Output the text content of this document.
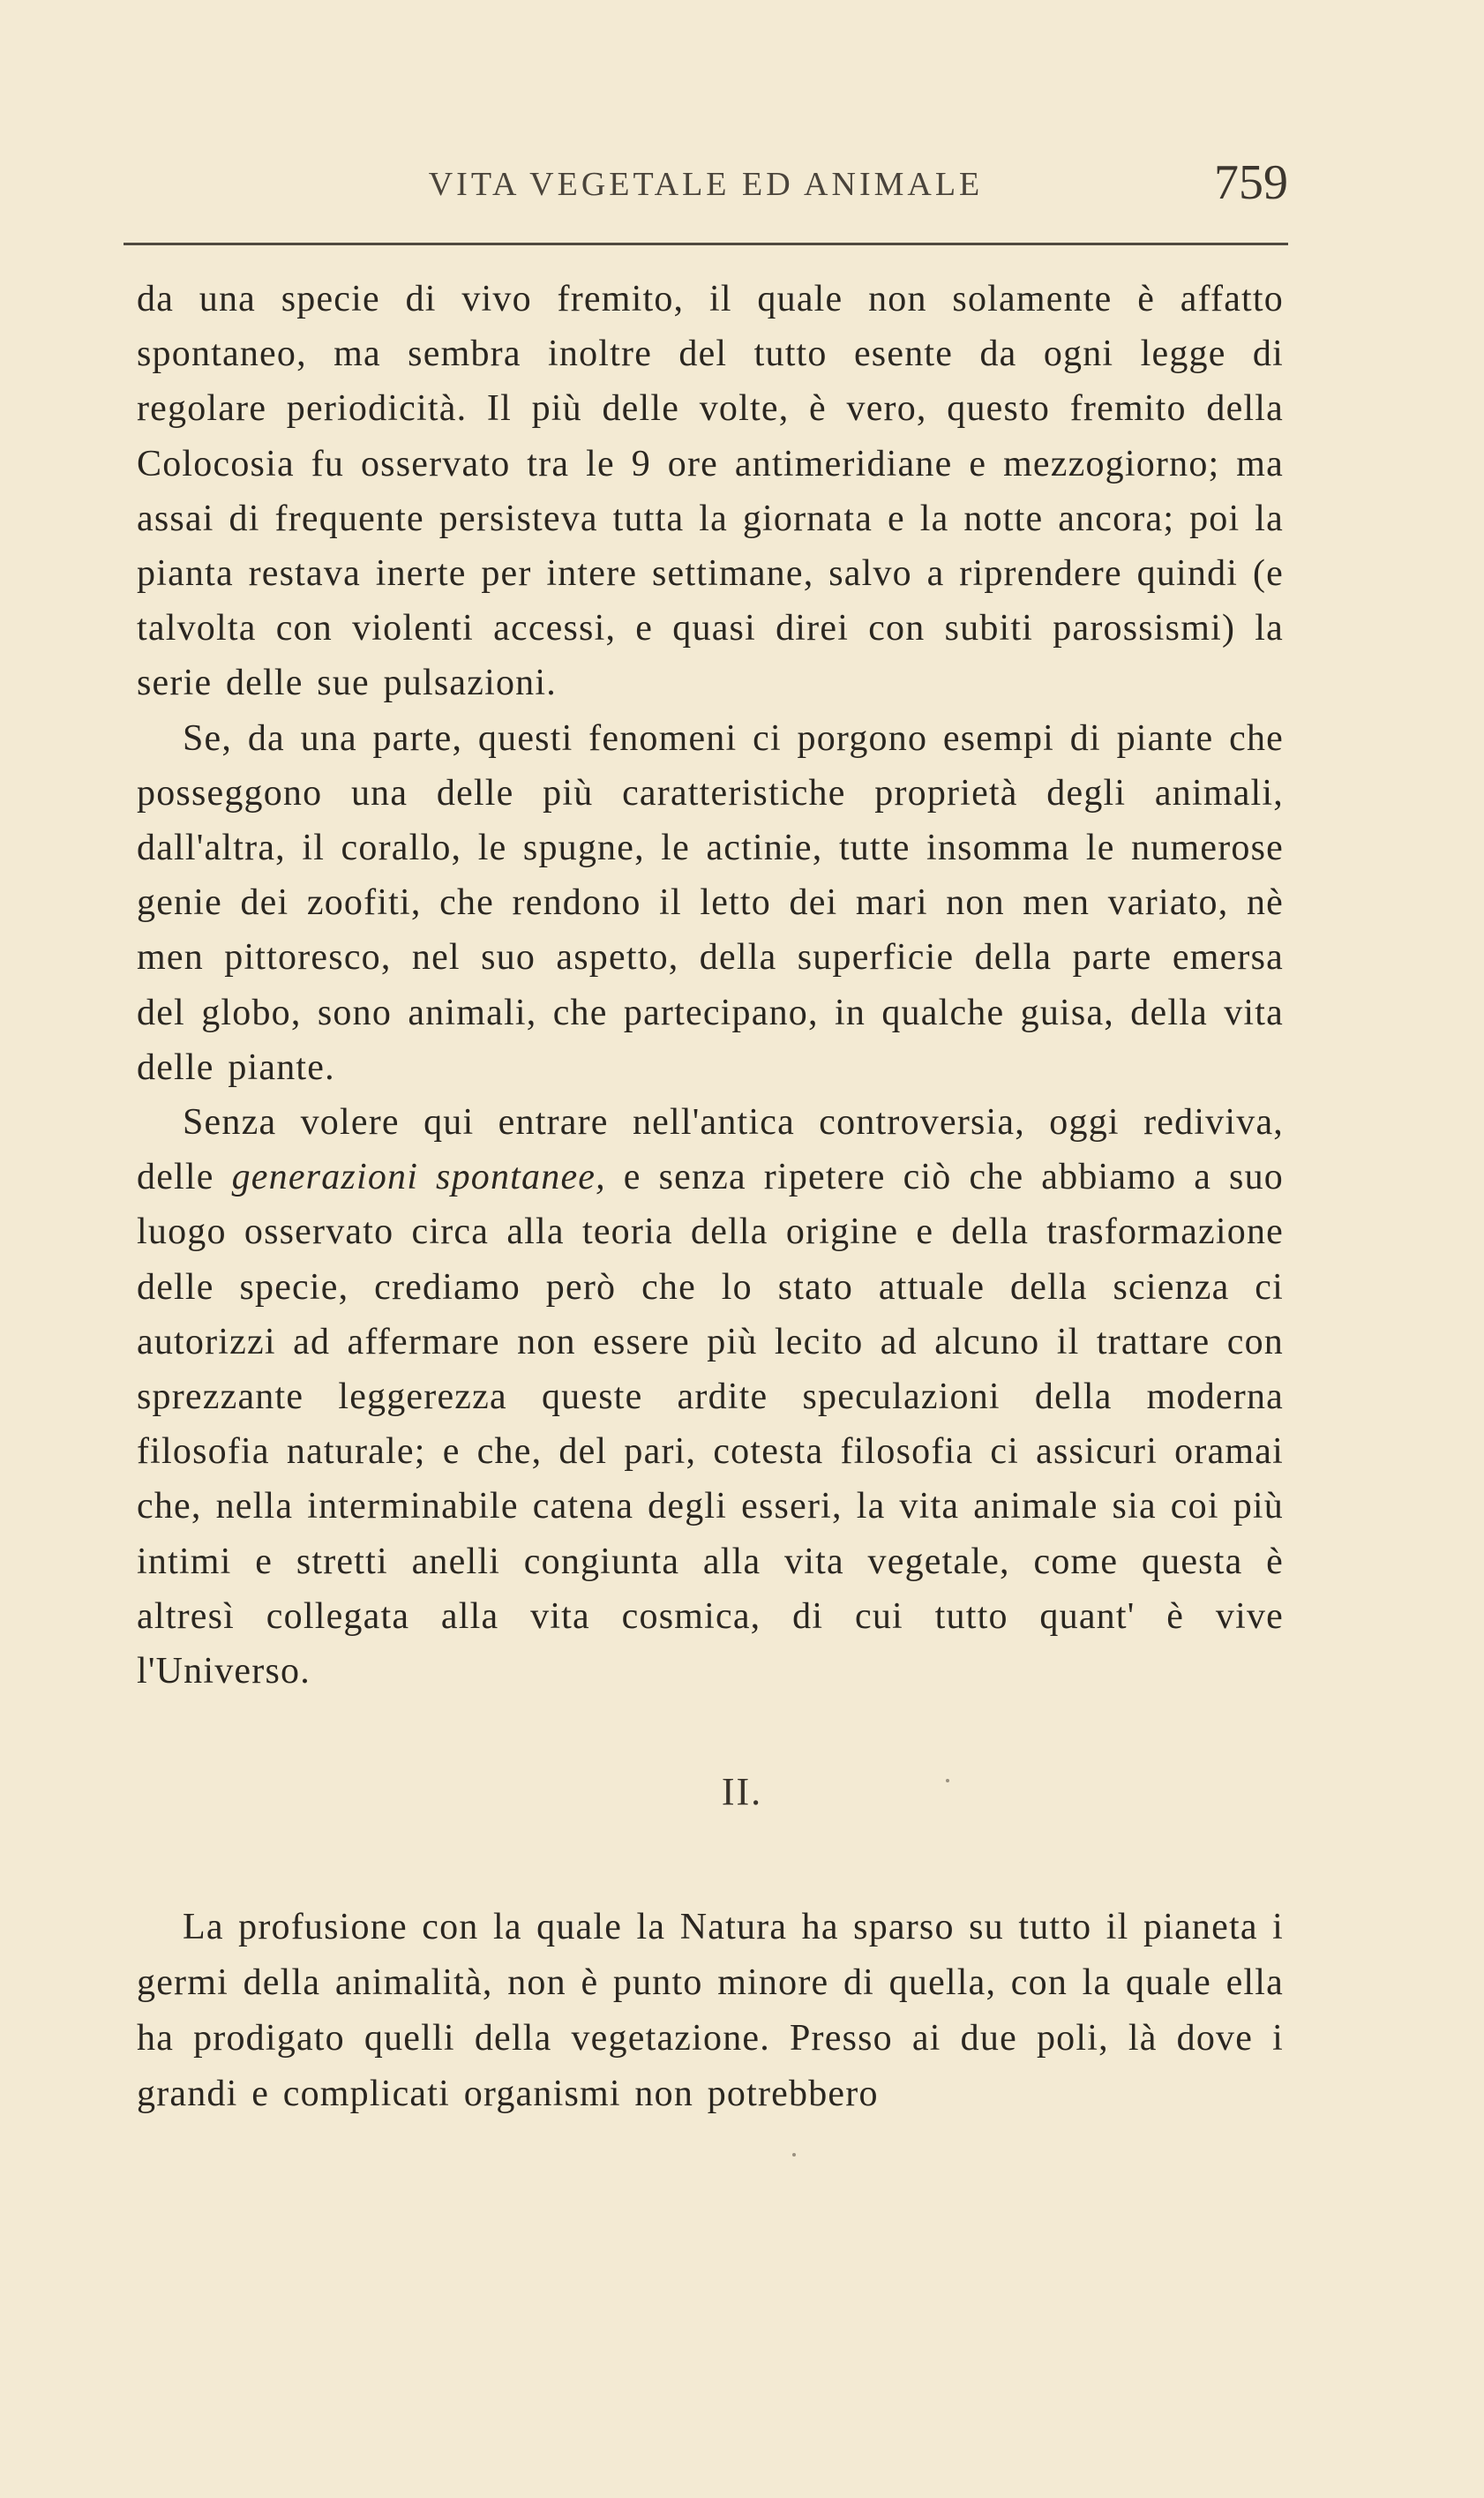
VITA VEGETALE ED ANIMALE	759

da una specie di vivo fremito, il quale non solamente è affatto spontaneo, ma sembra inoltre del tutto esente da ogni legge di regolare periodicità. Il più delle volte, è vero, questo fremito della Colocosia fu osservato tra le 9 ore antimeridiane e mezzogiorno; ma assai di frequente persisteva tutta la giornata e la notte ancora; poi la pianta restava inerte per intere settimane, salvo a riprendere quindi (e talvolta con violenti accessi, e quasi direi con subiti parossismi) la serie delle sue pulsazioni.

Se, da una parte, questi fenomeni ci porgono esempi di piante che posseggono una delle più caratteristiche proprietà degli animali, dall'altra, il corallo, le spugne, le actinie, tutte insomma le numerose genie dei zoofiti, che rendono il letto dei mari non men variato, nè men pittoresco, nel suo aspetto, della superficie della parte emersa del globo, sono animali, che partecipano, in qualche guisa, della vita delle piante.

Senza volere qui entrare nell'antica controversia, oggi rediviva, delle generazioni spontanee, e senza ripetere ciò che abbiamo a suo luogo osservato circa alla teoria della origine e della trasformazione delle specie, crediamo però che lo stato attuale della scienza ci autorizzi ad affermare non essere più lecito ad alcuno il trattare con sprezzante leggerezza queste ardite speculazioni della moderna filosofia naturale; e che, del pari, cotesta filosofia ci assicuri oramai che, nella interminabile catena degli esseri, la vita animale sia coi più intimi e stretti anelli congiunta alla vita vegetale, come questa è altresì collegata alla vita cosmica, di cui tutto quant' è vive l'Universo.

II.

La profusione con la quale la Natura ha sparso su tutto il pianeta i germi della animalità, non è punto minore di quella, con la quale ella ha prodigato quelli della vegetazione. Presso ai due poli, là dove i grandi e complicati organismi non potrebbero
